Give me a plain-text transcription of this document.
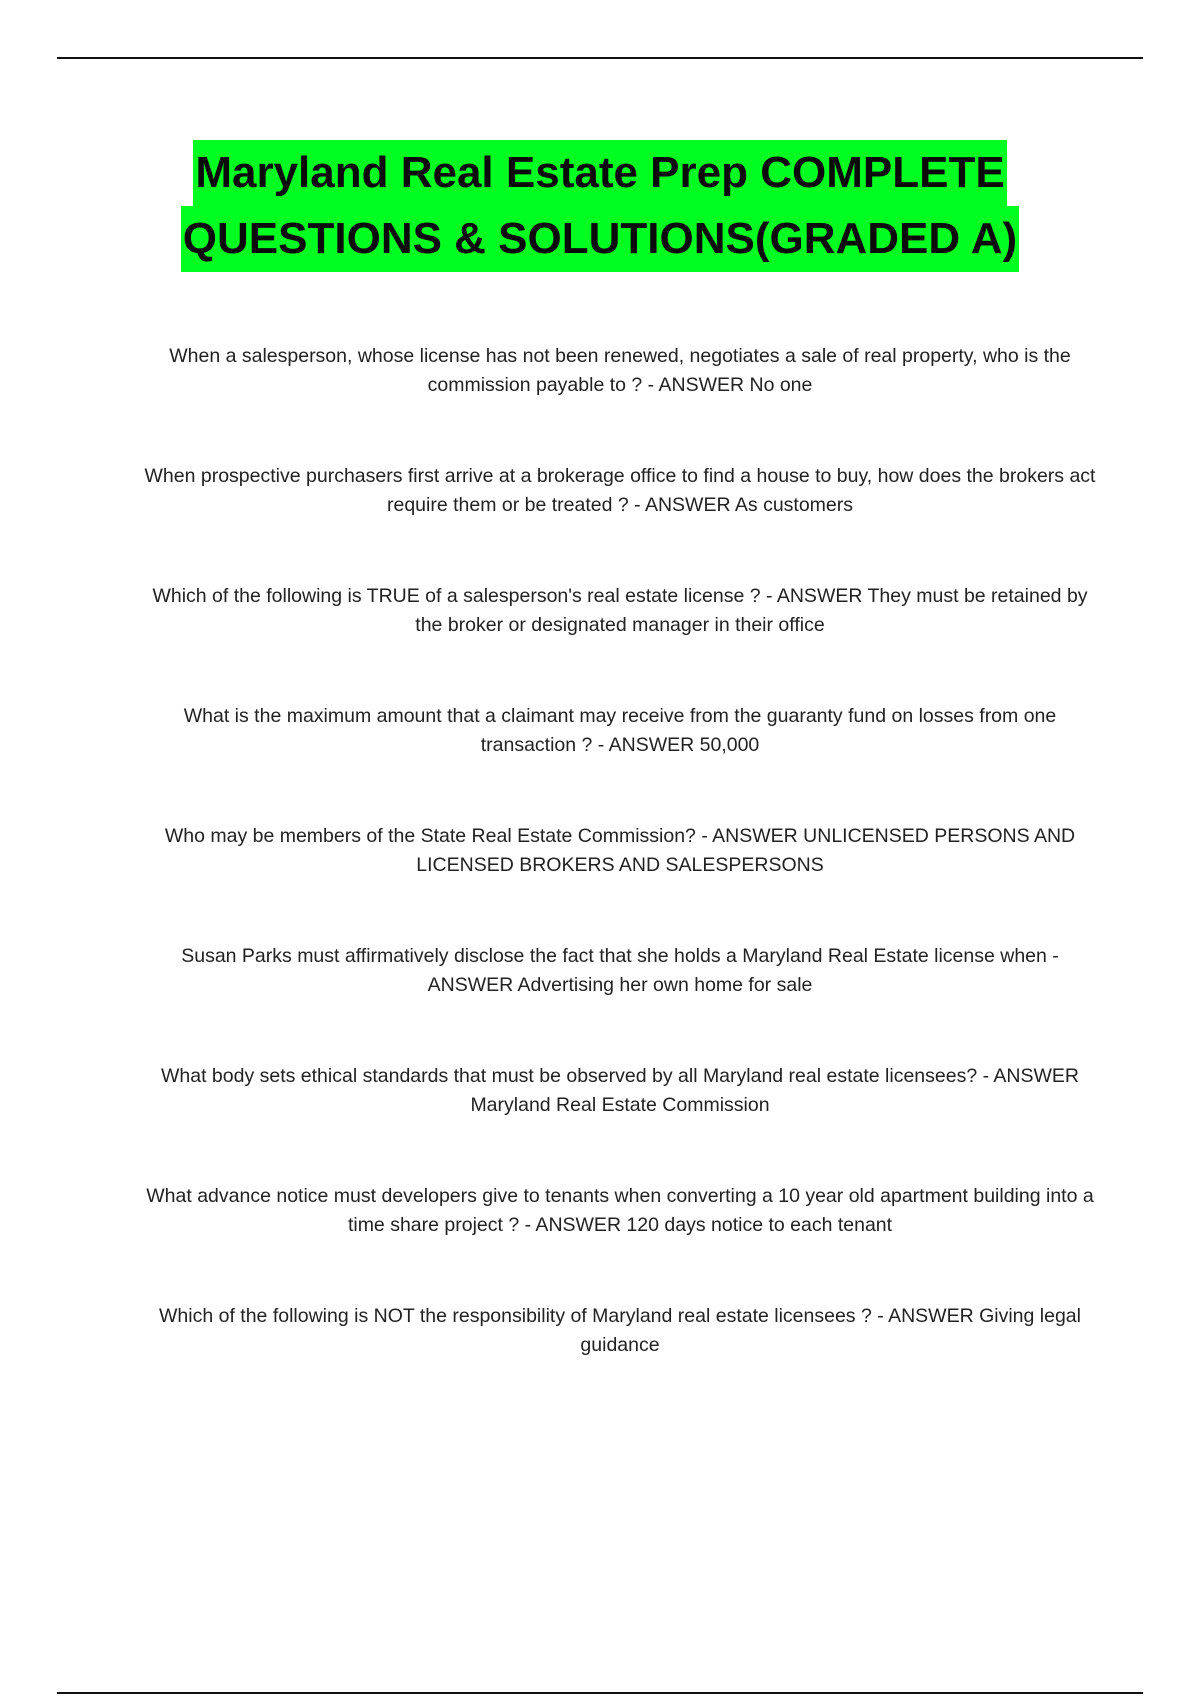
Maryland Real Estate Prep COMPLETE
QUESTIONS & SOLUTIONS(GRADED A)
When a salesperson, whose license has not been renewed, negotiates a sale of real property, who is the commission payable to ? - ANSWER No one
When prospective purchasers first arrive at a brokerage office to find a house to buy, how does the brokers act require them or be treated ? - ANSWER As customers
Which of the following is TRUE of a salesperson's real estate license ? - ANSWER They must be retained by the broker or designated manager in their office
What is the maximum amount that a claimant may receive from the guaranty fund on losses from one transaction ? - ANSWER 50,000
Who may be members of the State Real Estate Commission? - ANSWER UNLICENSED PERSONS AND LICENSED BROKERS AND SALESPERSONS
Susan Parks must affirmatively disclose the fact that she holds a Maryland Real Estate license when - ANSWER Advertising her own home for sale
What body sets ethical standards that must be observed by all Maryland real estate licensees? - ANSWER Maryland Real Estate Commission
What advance notice must developers give to tenants when converting a 10 year old apartment building into a time share project ? - ANSWER 120 days notice to each tenant
Which of the following is NOT the responsibility of Maryland real estate licensees ? - ANSWER Giving legal guidance
